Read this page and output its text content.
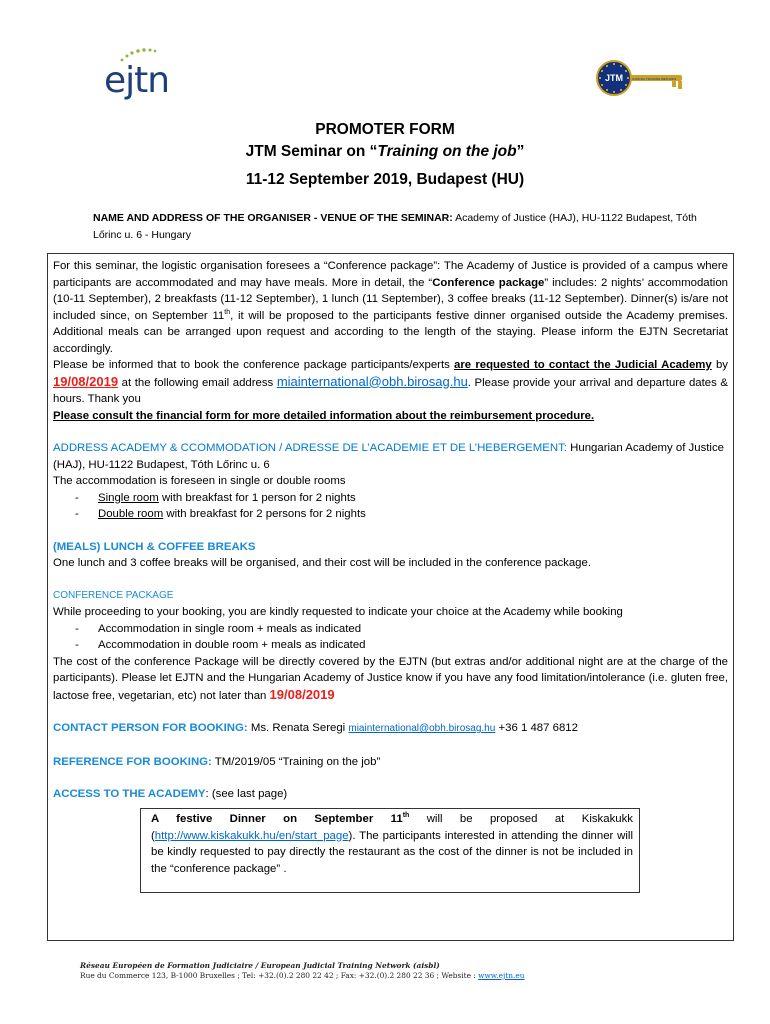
ejtn	JTM	JUDICIAL TRAINING METHODS
PROMOTER FORM
JTM Seminar on “Training on the job”
11-12 September 2019, Budapest (HU)
NAME AND ADDRESS OF THE ORGANISER - VENUE OF THE SEMINAR: Academy of Justice (HAJ), HU-1122 Budapest, Tóth Lőrinc u. 6 - Hungary

For this seminar, the logistic organisation foresees a “Conference package”: The Academy of Justice is provided of a campus where participants are accommodated and may have meals. More in detail, the “Conference package” includes: 2 nights’ accommodation (10-11 September), 2 breakfasts (11-12 September), 1 lunch (11 September), 3 coffee breaks (11-12 September). Dinner(s) is/are not included since, on September 11th, it will be proposed to the participants festive dinner organised outside the Academy premises. Additional meals can be arranged upon request and according to the length of the staying. Please inform the EJTN Secretariat accordingly.

Please be informed that to book the conference package participants/experts are requested to contact the Judicial Academy by 19/08/2019 at the following email address miainternational@obh.birosag.hu. Please provide your arrival and departure dates & hours. Thank you

Please consult the financial form for more detailed information about the reimbursement procedure.

ADDRESS ACADEMY & CCOMMODATION / ADRESSE DE L’ACADEMIE ET DE L’HEBERGEMENT: Hungarian Academy of Justice (HAJ), HU-1122 Budapest, Tóth Lőrinc u. 6

The accommodation is foreseen in single or double rooms

- Single room with breakfast for 1 person for 2 nights

- Double room with breakfast for 2 persons for 2 nights

(MEALS) LUNCH & COFFEE BREAKS

One lunch and 3 coffee breaks will be organised, and their cost will be included in the conference package.

CONFERENCE PACKAGE

While proceeding to your booking, you are kindly requested to indicate your choice at the Academy while booking

- Accommodation in single room + meals as indicated

- Accommodation in double room + meals as indicated

The cost of the conference Package will be directly covered by the EJTN (but extras and/or additional night are at the charge of the participants). Please let EJTN and the Hungarian Academy of Justice know if you have any food limitation/intolerance (i.e. gluten free, lactose free, vegetarian, etc) not later than 19/08/2019

CONTACT PERSON FOR BOOKING: Ms. Renata Seregi miainternational@obh.birosag.hu +36 1 487 6812

REFERENCE FOR BOOKING: TM/2019/05 “Training on the job”

ACCESS TO THE ACADEMY: (see last page)

A festive Dinner on September 11th will be proposed at Kiskakukk (http://www.kiskakukk.hu/en/start_page). The participants interested in attending the dinner will be kindly requested to pay directly the restaurant as the cost of the dinner is not be included in the “conference package” .
Réseau Européen de Formation Judiciaire / European Judicial Training Network (aisbl)
Rue du Commerce 123, B-1000 Bruxelles ; Tel: +32.(0).2 280 22 42 ; Fax: +32.(0).2 280 22 36 ; Website : www.ejtn.eu
